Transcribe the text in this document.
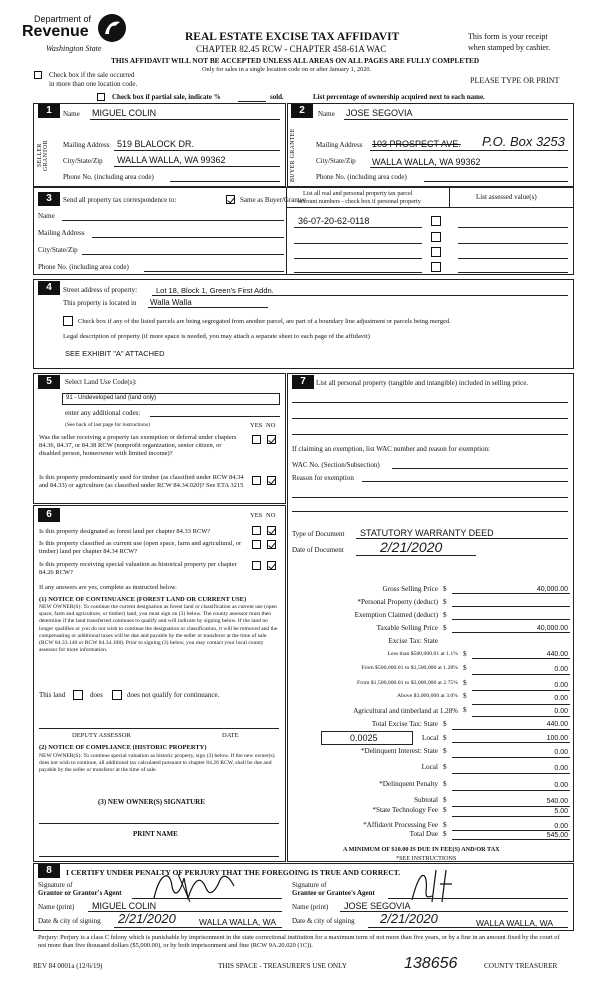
Department of
Revenue
Washington State
REAL ESTATE EXCISE TAX AFFIDAVIT
CHAPTER 82.45 RCW - CHAPTER 458-61A WAC
THIS AFFIDAVIT WILL NOT BE ACCEPTED UNLESS ALL AREAS ON ALL PAGES ARE FULLY COMPLETED
Only for sales in a single location code on or after January 1, 2020.
This form is your receipt
when stamped by cashier.
PLEASE TYPE OR PRINT
Check box if the sale occurred
in more than one location code.
Check box if partial sale, indicate %	sold.	List percentage of ownership acquired next to each name.
1
SELLER GRANTOR
Name MIGUEL COLIN
Mailing Address 519 BLALOCK DR.
City/State/Zip WALLA WALLA, WA 99362
Phone No. (including area code)
2
BUYER GRANTEE
Name JOSE SEGOVIA
Mailing Address 103 PROSPECT AVE. P.O. Box 3253
City/State/Zip WALLA WALLA, WA 99362
Phone No. (including area code)
3	Send all property tax correspondence to:	Same as Buyer/Grantee
Name
Mailing Address
City/State/Zip
Phone No. (including area code)
List all real and personal property tax parcel
account numbers - check box if personal property
List assessed value(s)
36-07-20-62-0118
4	Street address of property:	Lot 18, Block 1, Green's First Addn.
This property is located in Walla Walla
Check box if any of the listed parcels are being segregated from another parcel, are part of a boundary line adjustment or parcels being merged.
Legal description of property (if more space is needed, you may attach a separate sheet to each page of the affidavit)
SEE EXHIBIT "A" ATTACHED
5	Select Land Use Code(s):
91 - Undeveloped land (land only)
enter any additional codes:
(See back of last page for instructions)	YES NO
Was the seller receiving a property tax exemption or deferral under chapters 84.36, 84.37, or 84.38 RCW (nonprofit organization, senior citizen, or disabled person, homeowner with limited income)?
Is this property predominantly used for timber (as classified under RCW 84.34 and 84.33) or agriculture (as classified under RCW 84.34.020)? See ETA 3215
6	YES NO
Is this property designated as forest land per chapter 84.33 RCW?
Is this property classified as current use (open space, farm and agricultural, or timber) land per chapter 84.34 RCW?
Is this property receiving special valuation as historical property per chapter 84.26 RCW?
If any answers are yes, complete as instructed below.
(1) NOTICE OF CONTINUANCE (FOREST LAND OR CURRENT USE)
NEW OWNER(S): To continue the current designation as forest land or classification as current use (open space, farm and agriculture, or timber) land, you must sign on (3) below. The county assessor must then determine if the land transferred continues to qualify and will indicate by signing below. If the land no longer qualifies or you do not wish to continue the designation or classification, it will be removed and the compensating or additional taxes will be due and payable by the seller or transferor at the time of sale. (RCW 84.33.140 or RCW 84.34.108). Prior to signing (3) below, you may contact your local county assessor for more information.
This land	does	does not qualify for continuance.
DEPUTY ASSESSOR	DATE
(2) NOTICE OF COMPLIANCE (HISTORIC PROPERTY)
NEW OWNER(S): To continue special valuation as historic property, sign (3) below. If the new owner(s) does not wish to continue, all additional tax calculated pursuant to chapter 84.26 RCW, shall be due and payable by the seller or transferor at the time of sale.
(3) NEW OWNER(S) SIGNATURE
PRINT NAME
7	List all personal property (tangible and intangible) included in selling price.
If claiming an exemption, list WAC number and reason for exemption:
WAC No. (Section/Subsection)
Reason for exemption
Type of Document STATUTORY WARRANTY DEED
Date of Document	2/21/2020
Gross Selling Price $	40,000.00
*Personal Property (deduct) $
Exemption Claimed (deduct) $
Taxable Selling Price $	40,000.00
Excise Tax: State
Less than $500,000.01 at 1.1% $	440.00
From $500,000.01 to $1,500,000 at 1.28% $	0.00
From $1,500,000.01 to $3,000,000 at 2.75% $	0.00
Above $3,000,000 at 3.0% $	0.00
Agricultural and timberland at 1.28% $	0.00
Total Excise Tax: State $	440.00
0.0025	Local $	100.00
*Delinquent Interest: State $	0.00
Local $	0.00
*Delinquent Penalty $	0.00
Subtotal $	540.00
*State Technology Fee $	5.00
*Affidavit Processing Fee $	0.00
Total Due $	545.00
A MINIMUM OF $10.00 IS DUE IN FEE(S) AND/OR TAX
*SEE INSTRUCTIONS
8	I CERTIFY UNDER PENALTY OF PERJURY THAT THE FOREGOING IS TRUE AND CORRECT.
Signature of
Grantor or Grantor's Agent
Name (print) MIGUEL COLIN
Date & city of signing 2/21/2020	WALLA WALLA, WA
Signature of
Grantee or Grantee's Agent
Name (print) JOSE SEGOVIA
Date & city of signing 2/21/2020	WALLA WALLA, WA
Perjury: Perjury is a class C felony which is punishable by imprisonment in the state correctional institution for a maximum term of not more than five years, or by a fine in an amount fixed by the court of not more than five thousand dollars ($5,000.00), or by both imprisonment and fine (RCW 9A.20.020 (1C)).
REV 84 0001a (12/6/19)	THIS SPACE - TREASURER'S USE ONLY	138656	COUNTY TREASURER
